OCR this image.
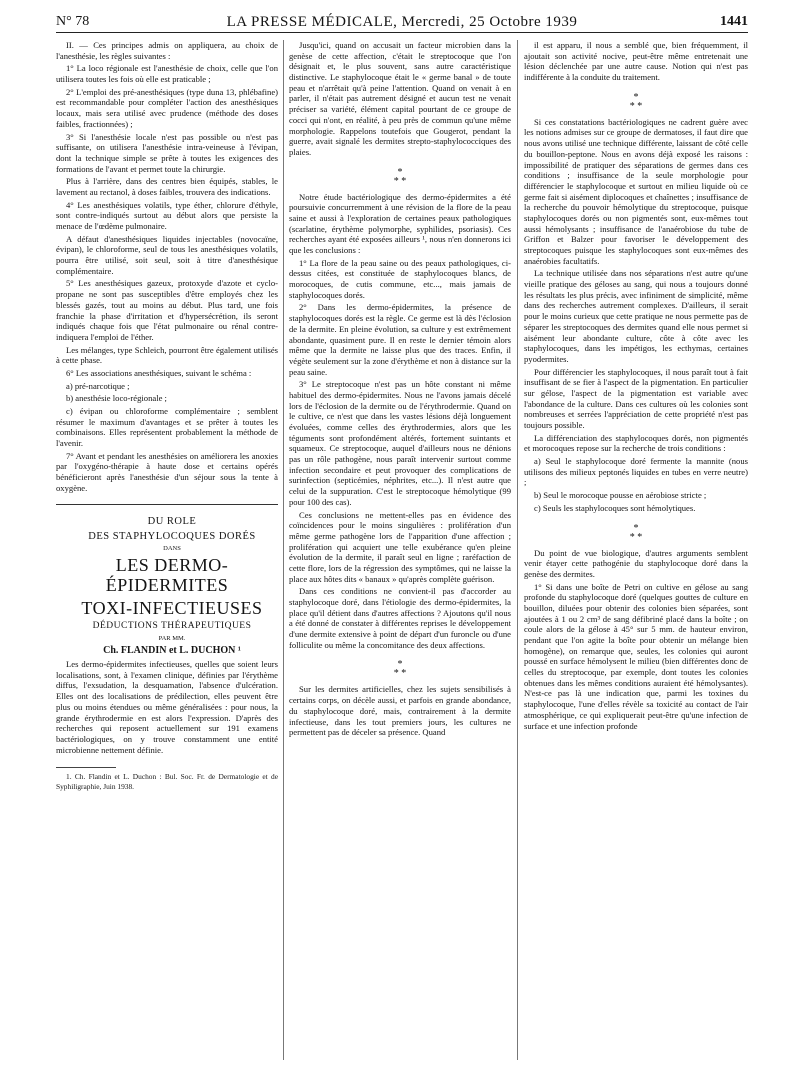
N° 78	LA PRESSE MÉDICALE, Mercredi, 25 Octobre 1939	1441

II. — Ces principes admis on appliquera, au choix de l'anesthésie, les règles suivantes :

1° La loco régionale est l'anesthésie de choix, celle que l'on utilisera toutes les fois où elle est praticable ;

2° L'emploi des pré-anesthésiques (type duna 13, phlébafine) est recommandable pour compléter l'action des anesthésiques locaux, mais sera utilisé avec prudence (méthode des doses faibles, fractionnées) ;

3° Si l'anesthésie locale n'est pas possible ou n'est pas suffisante, on utilisera l'anesthésie intra-veineuse à l'évipan, dont la technique simple se prête à toutes les exigences des formations de l'avant et permet toute la chirurgie.

Plus à l'arrière, dans des centres bien équipés, stables, le lavement au rectanol, à doses faibles, trouvera des indications.

4° Les anesthésiques volatils, type éther, chlorure d'éthyle, sont contre-indiqués surtout au début alors que persiste la menace de l'œdème pulmonaire.

A défaut d'anesthésiques liquides injectables (novocaïne, évipan), le chloroforme, seul de tous les anesthésiques volatils, pourra être utilisé, soit seul, soit à titre d'anesthésique complémentaire.

5° Les anesthésiques gazeux, protoxyde d'azote et cyclo-propane ne sont pas susceptibles d'être employés chez les blessés gazés, tout au moins au début. Plus tard, une fois franchie la phase d'irritation et d'hypersécrétion, ils seront indiqués chaque fois que l'état pulmonaire ou rénal contre-indiquera l'emploi de l'éther.

Les mélanges, type Schleich, pourront être également utilisés à cette phase.

6° Les associations anesthésiques, suivant le schéma :

a) pré-narcotique ;

b) anesthésie loco-régionale ;

c) évipan ou chloroforme complémentaire ; semblent résumer le maximum d'avantages et se prêter à toutes les combinaisons. Elles représentent probablement la méthode de l'avenir.

7° Avant et pendant les anesthésies on améliorera les anoxies par l'oxygéno-thérapie à haute dose et certains opérés bénéficieront après l'anesthésie d'un séjour sous la tente à oxygène.

DU ROLE

DES STAPHYLOCOQUES DORÉS

DANS

LES DERMO-ÉPIDERMITES

TOXI-INFECTIEUSES

DÉDUCTIONS THÉRAPEUTIQUES

PAR MM.

Ch. FLANDIN et L. DUCHON ¹

Les dermo-épidermites infectieuses, quelles que soient leurs localisations, sont, à l'examen clinique, définies par l'érythème diffus, l'exsudation, la desquamation, l'absence d'ulcération. Elles ont des localisations de prédilection, elles peuvent être plus ou moins étendues ou même généralisées : pour nous, la grande érythrodermie en est alors l'expression. D'après des recherches qui reposent actuellement sur 191 examens bactériologiques, on y trouve constamment une entité microbienne nettement définie.

1. Ch. Flandin et L. Duchon : Bul. Soc. Fr. de Dermatologie et de Syphiligraphie, Juin 1938.

Jusqu'ici, quand on accusait un facteur microbien dans la genèse de cette affection, c'était le streptocoque que l'on désignait et, le plus souvent, sans autre caractéristique distinctive. Le staphylocoque était le « germe banal » de toute peau et n'arrêtait qu'à peine l'attention. Quand on venait à en parler, il n'était pas autrement désigné et aucun test ne venait préciser sa variété, élément capital pourtant de ce groupe de cocci qui n'ont, en réalité, à peu près de commun qu'une même morphologie. Rappelons toutefois que Gougerot, pendant la guerre, avait signalé les dermites strepto-staphylococciques des plaies.

*
* *

Notre étude bactériologique des dermo-épidermites a été poursuivie concurremment à une révision de la flore de la peau saine et aussi à l'exploration de certaines peaux pathologiques (scarlatine, érythème polymorphe, syphilides, psoriasis). Ces recherches ayant été exposées ailleurs ¹, nous n'en donnerons ici que les conclusions :

1° La flore de la peau saine ou des peaux pathologiques, ci-dessus citées, est constituée de staphylocoques blancs, de morocoques, de cutis commune, etc..., mais jamais de staphylocoques dorés.

2° Dans les dermo-épidermites, la présence de staphylocoques dorés est la règle. Ce germe est là dès l'éclosion de la dermite. En pleine évolution, sa culture y est extrêmement abondante, quasiment pure. Il en reste le dernier témoin alors même que la dermite ne laisse plus que des traces. Enfin, il végète seulement sur la zone d'érythème et non à distance sur la peau saine.

3° Le streptocoque n'est pas un hôte constant ni même habituel des dermo-épidermites. Nous ne l'avons jamais décelé lors de l'éclosion de la dermite ou de l'érythrodermie. Quand on le cultive, ce n'est que dans les vastes lésions déjà longuement évoluées, comme celles des érythrodermies, alors que les téguments sont profondément altérés, fortement suintants et squameux. Ce streptocoque, auquel d'ailleurs nous ne dénions pas un rôle pathogène, nous paraît intervenir surtout comme infection secondaire et peut provoquer des complications de surinfection (septicémies, néphrites, etc...). Il n'est autre que celui de la suppuration. C'est le streptocoque hémolytique (99 pour 100 des cas).

Ces conclusions ne mettent-elles pas en évidence des coïncidences pour le moins singulières : prolifération d'un même germe pathogène lors de l'apparition d'une affection ; prolifération qui acquiert une telle exubérance qu'en pleine évolution de la dermite, il paraît seul en ligne ; raréfaction de cette flore, lors de la régression des symptômes, qui ne laisse la place aux hôtes dits « banaux » qu'après complète guérison.

Dans ces conditions ne convient-il pas d'accorder au staphylocoque doré, dans l'étiologie des dermo-épidermites, la place qu'il détient dans d'autres affections ? Ajoutons qu'il nous a été donné de constater à différentes reprises le développement d'une dermite extensive à point de départ d'un furoncle ou d'une folliculite ou même la concomitance des deux affections.

*
* *

Sur les dermites artificielles, chez les sujets sensibilisés à certains corps, on décèle aussi, et parfois en grande abondance, du staphylocoque doré, mais, contrairement à la dermite infectieuse, dans les tout premiers jours, les cultures ne permettent pas de déceler sa présence. Quand

il est apparu, il nous a semblé que, bien fréquemment, il ajoutait son activité nocive, peut-être même entretenait une lésion déclenchée par une autre cause. Notion qui n'est pas indifférente à la conduite du traitement.

*
* *

Si ces constatations bactériologiques ne cadrent guère avec les notions admises sur ce groupe de dermatoses, il faut dire que nous avons utilisé une technique différente, laissant de côté celle du bouillon-peptone. Nous en avons déjà exposé les raisons : impossibilité de pratiquer des séparations de germes dans ces conditions ; insuffisance de la seule morphologie pour différencier le staphylocoque et surtout en milieu liquide où ce germe fait si aisément diplocoques et chaînettes ; insuffisance de la recherche du pouvoir hémolytique du streptocoque, puisque staphylocoques dorés ou non pigmentés sont, eux-mêmes tout aussi hémolysants ; insuffisance de l'anaérobiose du tube de Griffon et Balzer pour favoriser le développement des streptocoques puisque les staphylocoques sont eux-mêmes des anaérobies facultatifs.

La technique utilisée dans nos séparations n'est autre qu'une vieille pratique des géloses au sang, qui nous a toujours donné les résultats les plus précis, avec infiniment de simplicité, même dans des recherches autrement complexes. D'ailleurs, il serait pour le moins curieux que cette pratique ne nous permette pas de séparer les streptocoques des dermites quand elle nous permet si aisément leur abondante culture, côte à côte avec les staphylocoques, dans les impétigos, les ecthymas, certaines pyodermites.

Pour différencier les staphylocoques, il nous paraît tout à fait insuffisant de se fier à l'aspect de la pigmentation. En particulier sur gélose, l'aspect de la pigmentation est variable avec l'abondance de la culture. Dans ces cultures où les colonies sont nombreuses et serrées l'appréciation de cette propriété n'est pas toujours possible.

La différenciation des staphylocoques dorés, non pigmentés et morocoques repose sur la recherche de trois conditions :

a) Seul le staphylocoque doré fermente la mannite (nous utilisons des milieux peptonés liquides en tubes en verre neutre) ;

b) Seul le morocoque pousse en aérobiose stricte ;

c) Seuls les staphylocoques sont hémolytiques.

*
* *

Du point de vue biologique, d'autres arguments semblent venir étayer cette pathogénie du staphylocoque doré dans la genèse des dermites.

1° Si dans une boîte de Petri on cultive en gélose au sang profonde du staphylocoque doré (quelques gouttes de culture en bouillon, diluées pour obtenir des colonies bien séparées, sont ajoutées à 1 ou 2 cm³ de sang défibriné placé dans la boîte ; on coule alors de la gélose à 45° sur 5 mm. de hauteur environ, pendant que l'on agite la boîte pour obtenir un mélange bien homogène), on remarque que, seules, les colonies qui auront poussé en surface hémolysent le milieu (bien différentes donc de celles du streptocoque, par exemple, dont toutes les colonies obtenues dans les mêmes conditions auraient été hémolysantes). N'est-ce pas là une indication que, parmi les toxines du staphylocoque, l'une d'elles révèle sa toxicité au contact de l'air atmosphérique, ce qui expliquerait peut-être qu'une infection de surface et une infection profonde
